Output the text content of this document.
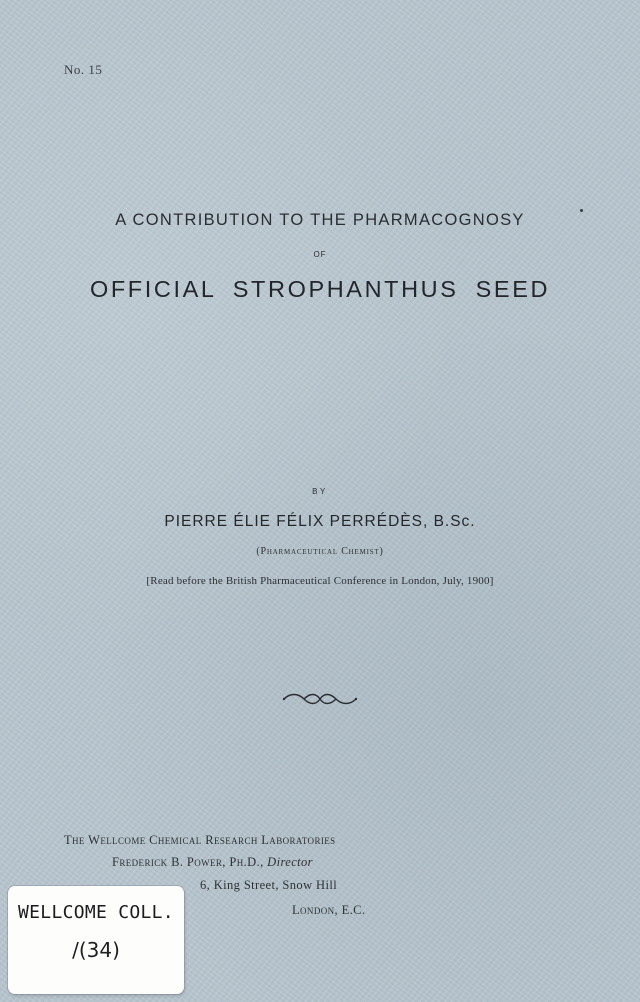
No. 15
A CONTRIBUTION TO THE PHARMACOGNOSY
OF
OFFICIAL STROPHANTHUS SEED
BY
PIERRE ÉLIE FÉLIX PERRÉDÈS, B.Sc.
(Pharmaceutical Chemist)
[Read before the British Pharmaceutical Conference in London, July, 1900]
The Wellcome Chemical Research Laboratories
Frederick B. Power, Ph.D., Director
6, King Street, Snow Hill
London, E.C.
WELLCOME COLL.
/(34)
